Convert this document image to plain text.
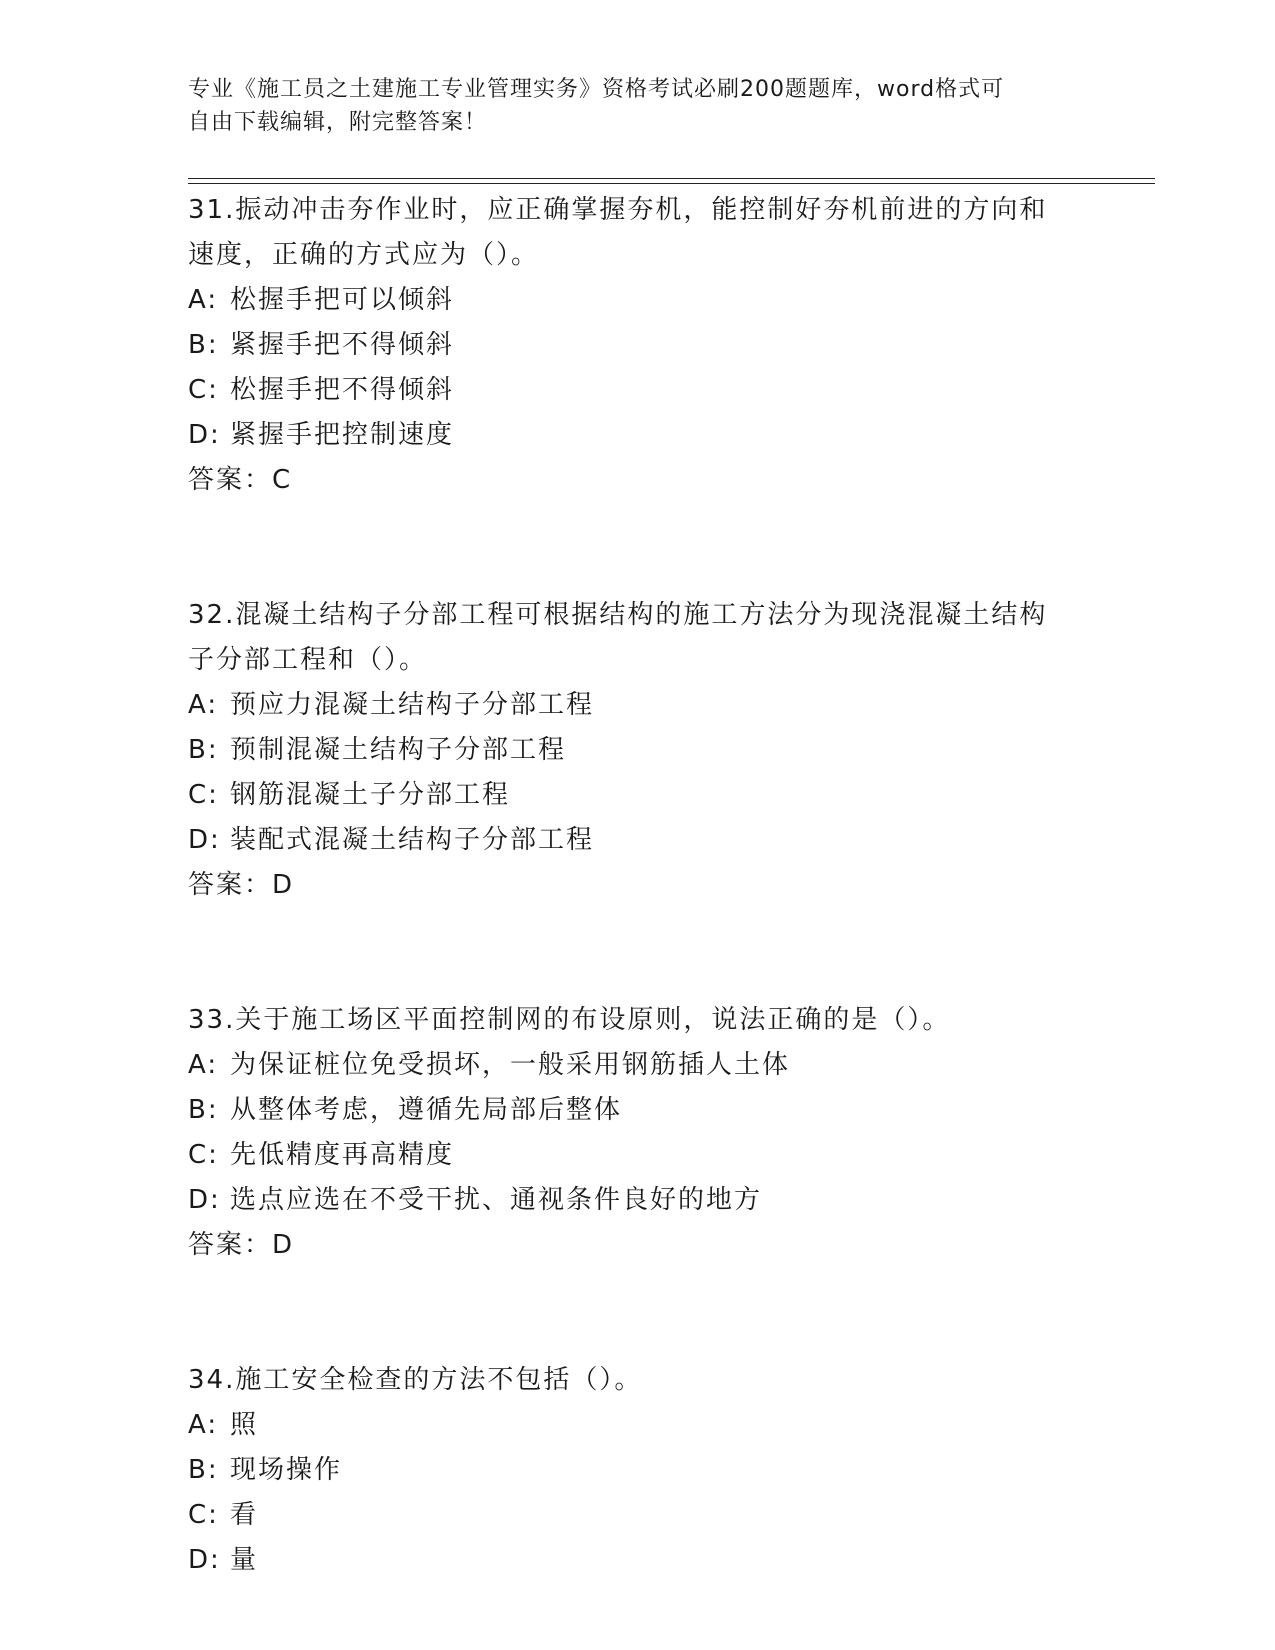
专业《施工员之土建施工专业管理实务》资格考试必刷200题题库，word格式可
自由下载编辑，附完整答案！
31.振动冲击夯作业时，应正确掌握夯机，能控制好夯机前进的方向和
速度，正确的方式应为（）。
A: 松握手把可以倾斜
B: 紧握手把不得倾斜
C: 松握手把不得倾斜
D: 紧握手把控制速度
答案：C
32.混凝土结构子分部工程可根据结构的施工方法分为现浇混凝土结构
子分部工程和（）。
A: 预应力混凝土结构子分部工程
B: 预制混凝土结构子分部工程
C: 钢筋混凝土子分部工程
D: 装配式混凝土结构子分部工程
答案：D
33.关于施工场区平面控制网的布设原则，说法正确的是（）。
A: 为保证桩位免受损坏，一般采用钢筋插人土体
B: 从整体考虑，遵循先局部后整体
C: 先低精度再高精度
D: 选点应选在不受干扰、通视条件良好的地方
答案：D
34.施工安全检查的方法不包括（）。
A: 照
B: 现场操作
C: 看
D: 量
